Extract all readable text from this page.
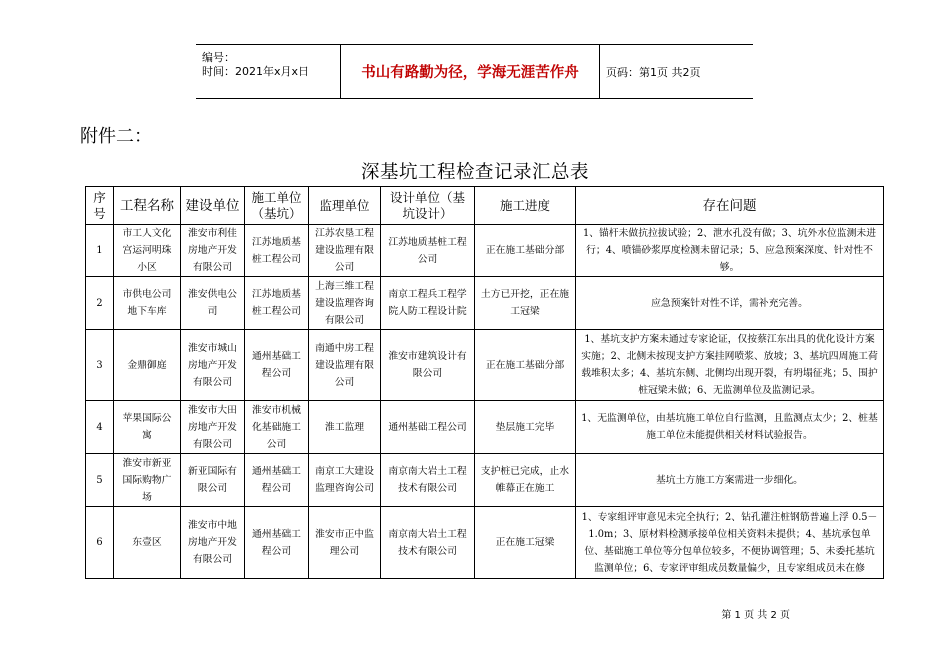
编号：
时间：2021年x月x日	书山有路勤为径，学海无涯苦作舟	页码：第1页 共2页
附件二：
深基坑工程检查记录汇总表
序号	工程名称	建设单位	施工单位（基坑）	监理单位	设计单位（基坑设计）	施工进度	存在问题
1	市工人文化宫运河明珠小区	淮安市利佳房地产开发有限公司	江苏地质基桩工程公司	江苏农垦工程建设监理有限公司	江苏地质基桩工程公司	正在施工基础分部	1、锚杆未做抗拉拔试验；2、泄水孔没有做；3、坑外水位监测未进行；4、喷锚砂浆厚度检测未留记录；5、应急预案深度、针对性不够。
2	市供电公司地下车库	淮安供电公司	江苏地质基桩工程公司	上海三维工程建设监理咨询有限公司	南京工程兵工程学院人防工程设计院	土方已开挖，正在施工冠梁	应急预案针对性不详，需补充完善。
3	金鼎御庭	淮安市城山房地产开发有限公司	通州基础工程公司	南通中房工程建设监理有限公司	淮安市建筑设计有限公司	正在施工基础分部	1、基坑支护方案未通过专家论证，仅按蔡江东出具的优化设计方案实施；2、北侧未按现支护方案挂网喷浆、放坡；3、基坑四周施工荷载堆积太多；4、基坑东侧、北侧均出现开裂，有坍塌征兆；5、围护桩冠梁未做；6、无监测单位及监测记录。
4	苹果国际公寓	淮安市大田房地产开发有限公司	淮安市机械化基础施工公司	淮工监理	通州基础工程公司	垫层施工完毕	1、无监测单位，由基坑施工单位自行监测，且监测点太少；2、桩基施工单位未能提供相关材料试验报告。
5	淮安市新亚国际购物广场	新亚国际有限公司	通州基础工程公司	南京工大建设监理咨询公司	南京南大岩土工程技术有限公司	支护桩已完成，止水帷幕正在施工	基坑土方施工方案需进一步细化。
6	东壹区	淮安市中地房地产开发有限公司	通州基础工程公司	淮安市正中监理公司	南京南大岩土工程技术有限公司	正在施工冠梁	1、专家组评审意见未完全执行；2、钻孔灌注桩钢筋普遍上浮 0.5－1.0m；3、原材料检测承接单位相关资料未提供；4、基坑承包单位、基础施工单位等分包单位较多，不便协调管理；5、未委托基坑监测单位；6、专家评审组成员数量偏少，且专家组成员未在修
第 1 页 共 2 页
